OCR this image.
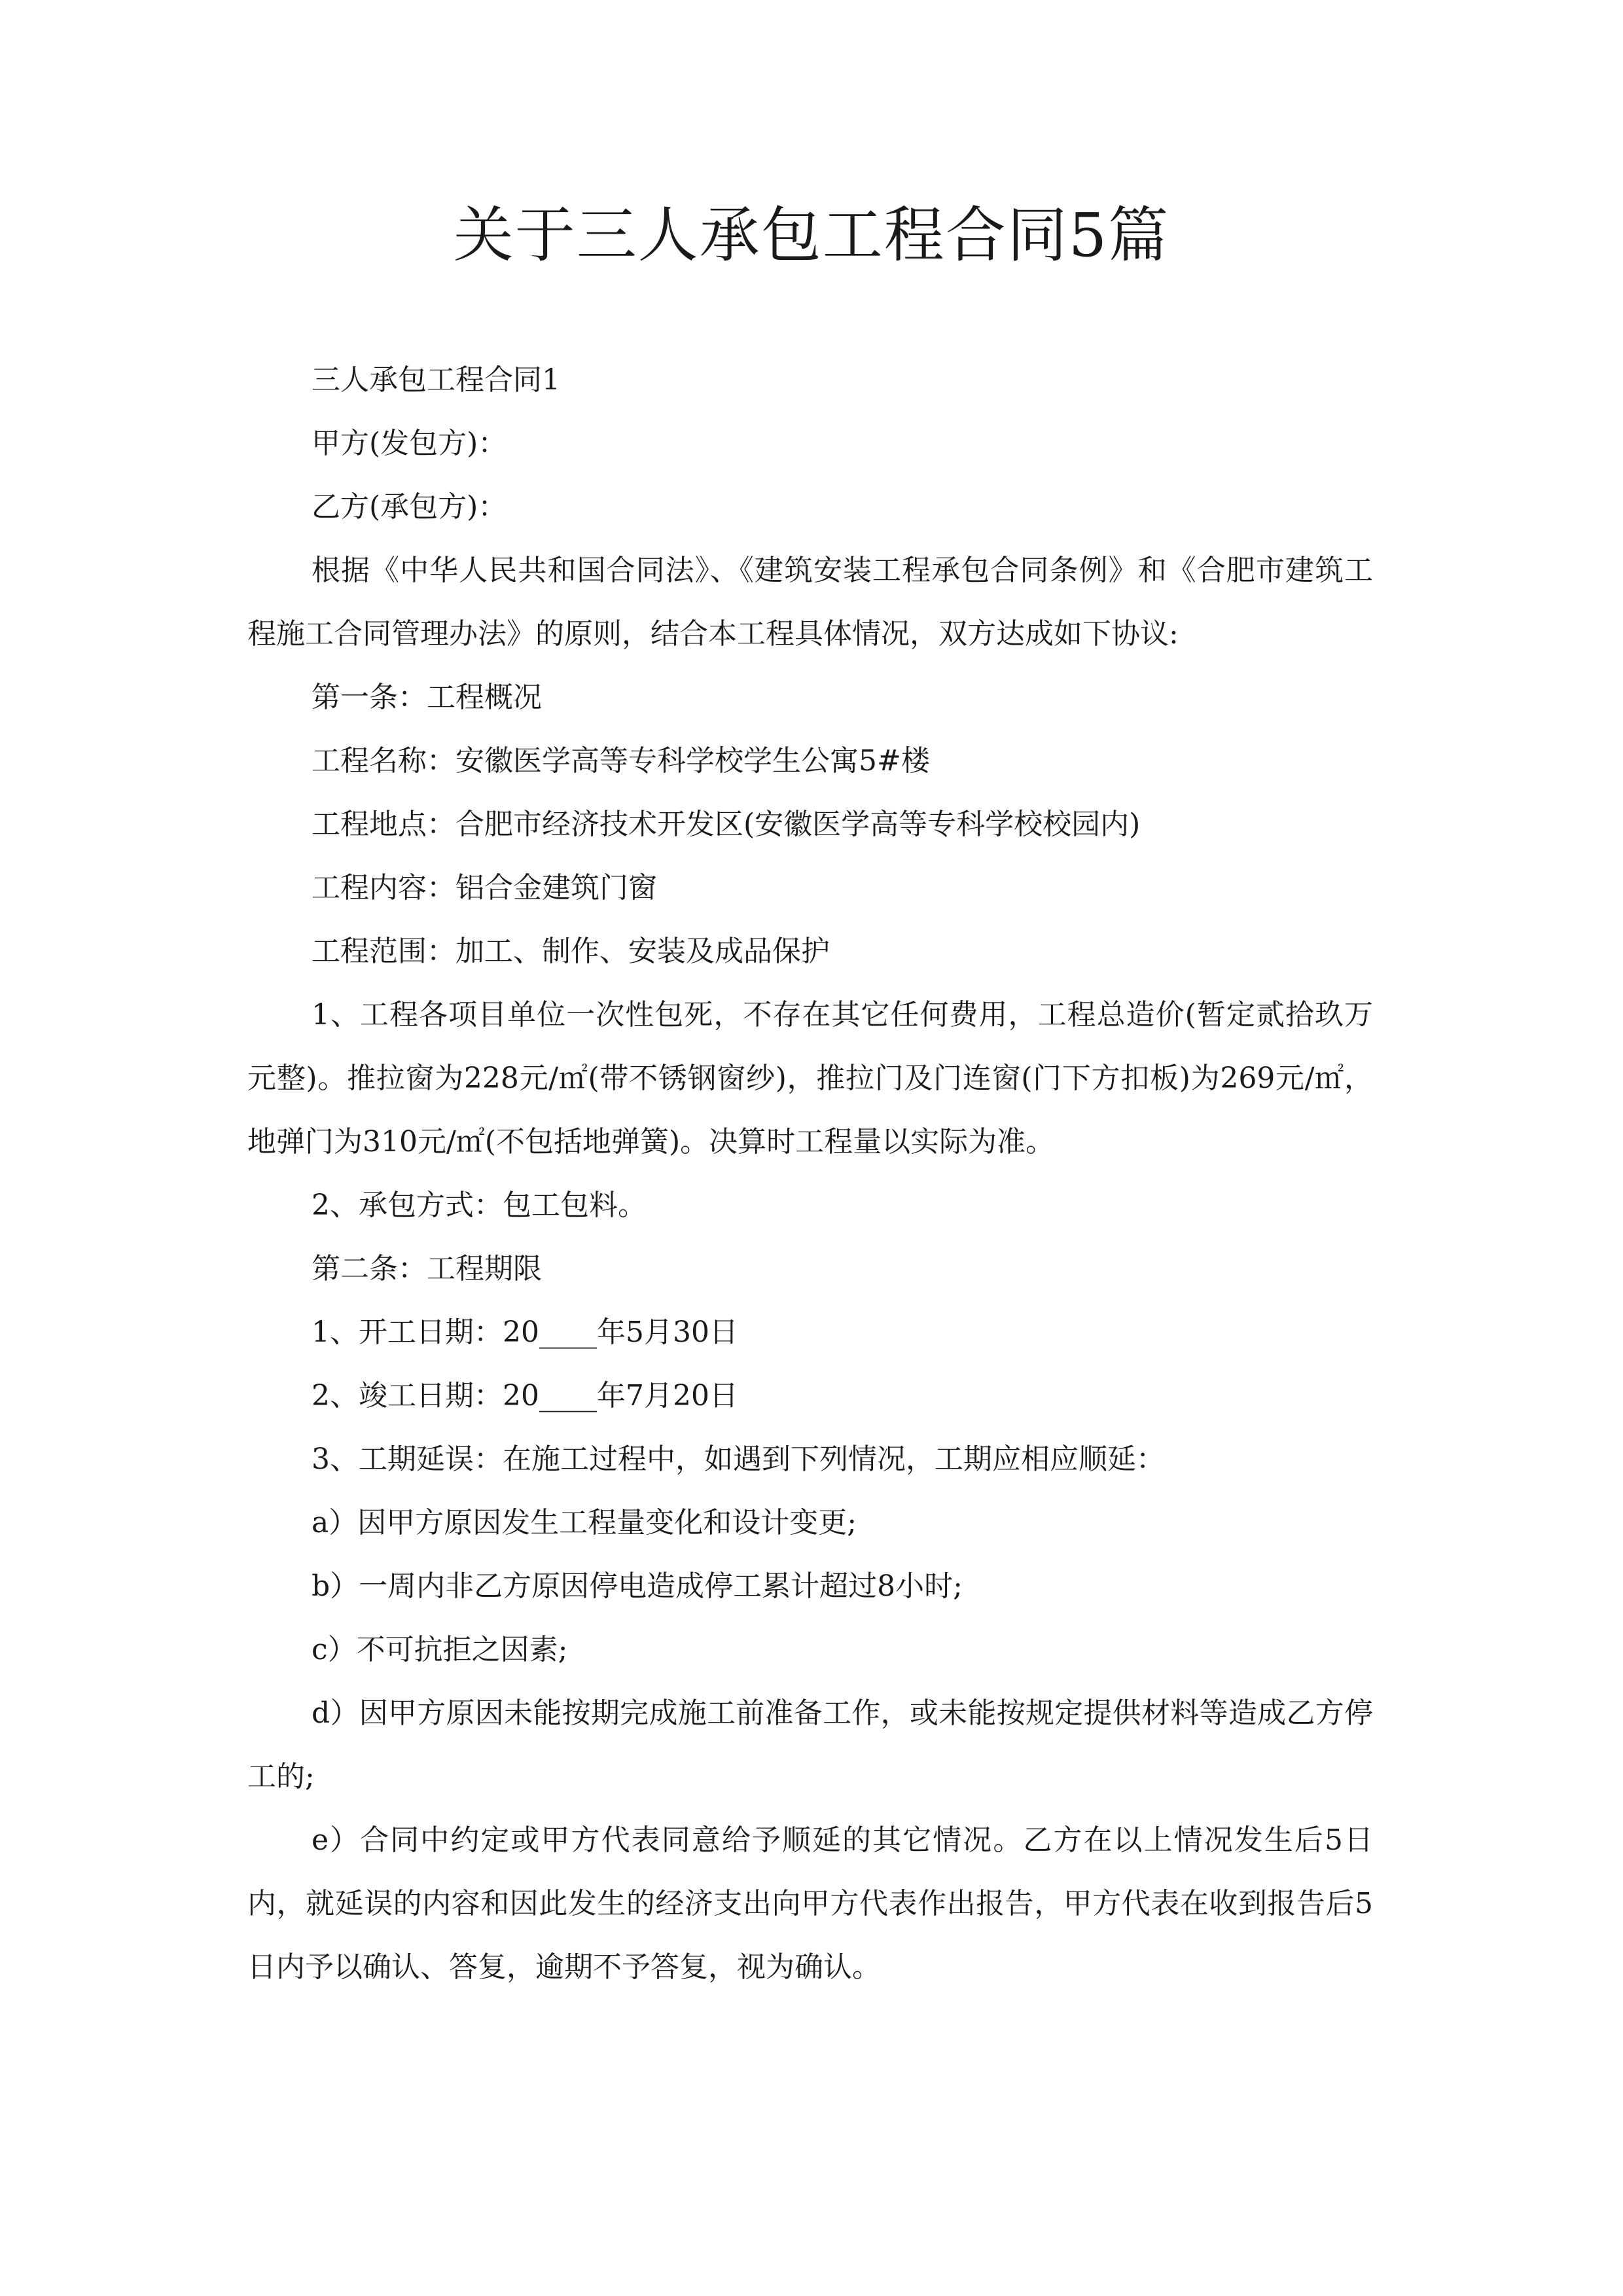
关于三人承包工程合同5篇

三人承包工程合同1

甲方(发包方)：

乙方(承包方)：

根据《中华人民共和国合同法》、《建筑安装工程承包合同条例》和《合肥市建筑工程施工合同管理办法》的原则，结合本工程具体情况，双方达成如下协议:

第一条：工程概况

工程名称：安徽医学高等专科学校学生公寓5#楼

工程地点：合肥市经济技术开发区(安徽医学高等专科学校校园内)

工程内容：铝合金建筑门窗

工程范围：加工、制作、安装及成品保护

1、工程各项目单位一次性包死，不存在其它任何费用，工程总造价(暂定贰拾玖万元整)。推拉窗为228元/㎡(带不锈钢窗纱)，推拉门及门连窗(门下方扣板)为269元/㎡，地弹门为310元/㎡(不包括地弹簧)。决算时工程量以实际为准。

2、承包方式：包工包料。

第二条：工程期限

1、开工日期：20____年5月30日

2、竣工日期：20____年7月20日

3、工期延误：在施工过程中，如遇到下列情况，工期应相应顺延：

a）因甲方原因发生工程量变化和设计变更;

b）一周内非乙方原因停电造成停工累计超过8小时;

c）不可抗拒之因素;

d）因甲方原因未能按期完成施工前准备工作，或未能按规定提供材料等造成乙方停工的;

e）合同中约定或甲方代表同意给予顺延的其它情况。乙方在以上情况发生后5日内，就延误的内容和因此发生的经济支出向甲方代表作出报告，甲方代表在收到报告后5日内予以确认、答复，逾期不予答复，视为确认。
